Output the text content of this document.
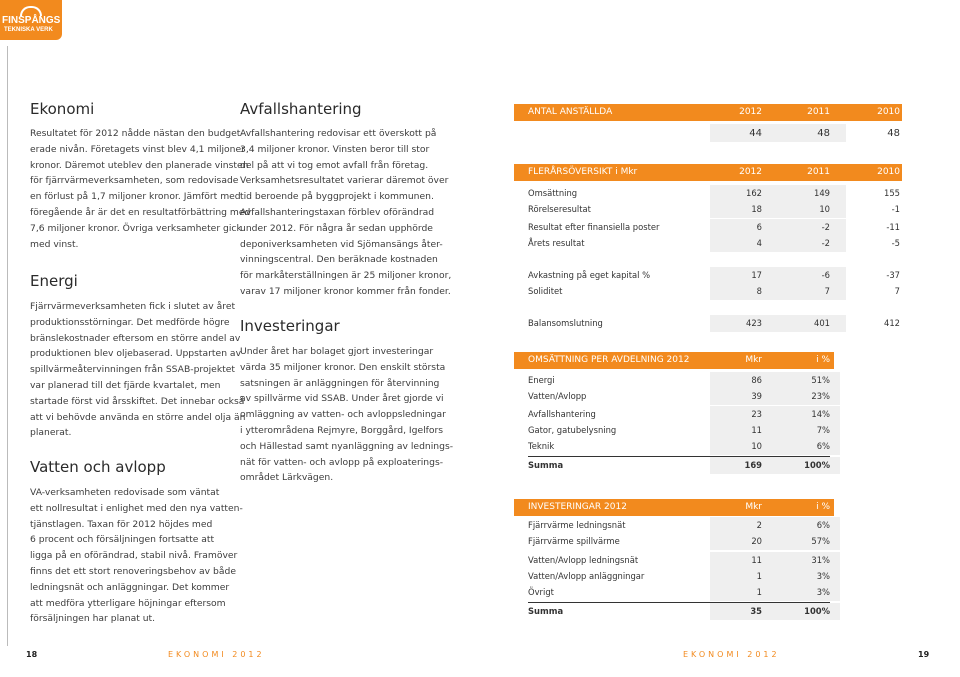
FINSPÅNGS
TEKNISKA VERK
Ekonomi
Resultatet för 2012 nådde nästan den budget-
erade nivån. Företagets vinst blev 4,1 miljoner
kronor. Däremot uteblev den planerade vinsten
för fjärrvärmeverksamheten, som redovisade
en förlust på 1,7 miljoner kronor. Jämfört med
föregående år är det en resultatförbättring med
7,6 miljoner kronor. Övriga verksamheter gick
med vinst.
Energi
Fjärrvärmeverksamheten fick i slutet av året
produktionsstörningar. Det medförde högre
bränslekostnader eftersom en större andel av
produktionen blev oljebaserad. Uppstarten av
spillvärmeåtervinningen från SSAB-projektet
var planerad till det fjärde kvartalet, men
startade först vid årsskiftet. Det innebar också
att vi behövde använda en större andel olja än
planerat.
Vatten och avlopp
VA-verksamheten redovisade som väntat
ett nollresultat i enlighet med den nya vatten-
tjänstlagen. Taxan för 2012 höjdes med
6 procent och försäljningen fortsatte att
ligga på en oförändrad, stabil nivå. Framöver
finns det ett stort renoveringsbehov av både
ledningsnät och anläggningar. Det kommer
att medföra ytterligare höjningar eftersom
försäljningen har planat ut.
Avfallshantering
Avfallshantering redovisar ett överskott på
3,4 miljoner kronor. Vinsten beror till stor
del på att vi tog emot avfall från företag.
Verksamhetsresultatet varierar däremot över
tid beroende på byggprojekt i kommunen.
Avfallshanteringstaxan förblev oförändrad
under 2012. För några år sedan upphörde
deponiverksamheten vid Sjömansängs åter-
vinningscentral. Den beräknade kostnaden
för markåterställningen är 25 miljoner kronor,
varav 17 miljoner kronor kommer från fonder.
Investeringar
Under året har bolaget gjort investeringar
värda 35 miljoner kronor. Den enskilt största
satsningen är anläggningen för återvinning
av spillvärme vid SSAB. Under året gjorde vi
omläggning av vatten- och avloppsledningar
i ytterområdena Rejmyre, Borggård, Igelfors
och Hällestad samt nyanläggning av lednings-
nät för vatten- och avlopp på exploaterings-
området Lärkvägen.
ANTAL ANSTÄLLDA	2012	2011	2010
44	48	48
FLERÅRSÖVERSIKT i Mkr	2012	2011	2010
Omsättning	162	149	155
Rörelseresultat	18	10	-1
Resultat efter finansiella poster	6	-2	-11
Årets resultat	4	-2	-5
Avkastning på eget kapital %	17	-6	-37
Soliditet	8	7	7
Balansomslutning	423	401	412
OMSÄTTNING PER AVDELNING 2012	Mkr	i %
Energi	86	51%
Vatten/Avlopp	39	23%
Avfallshantering	23	14%
Gator, gatubelysning	11	7%
Teknik	10	6%
Summa	169	100%
INVESTERINGAR 2012	Mkr	i %
Fjärrvärme ledningsnät	2	6%
Fjärrvärme spillvärme	20	57%
Vatten/Avlopp ledningsnät	11	31%
Vatten/Avlopp anläggningar	1	3%
Övrigt	1	3%
Summa	35	100%
18	EKONOMI 2012	EKONOMI 2012	19
